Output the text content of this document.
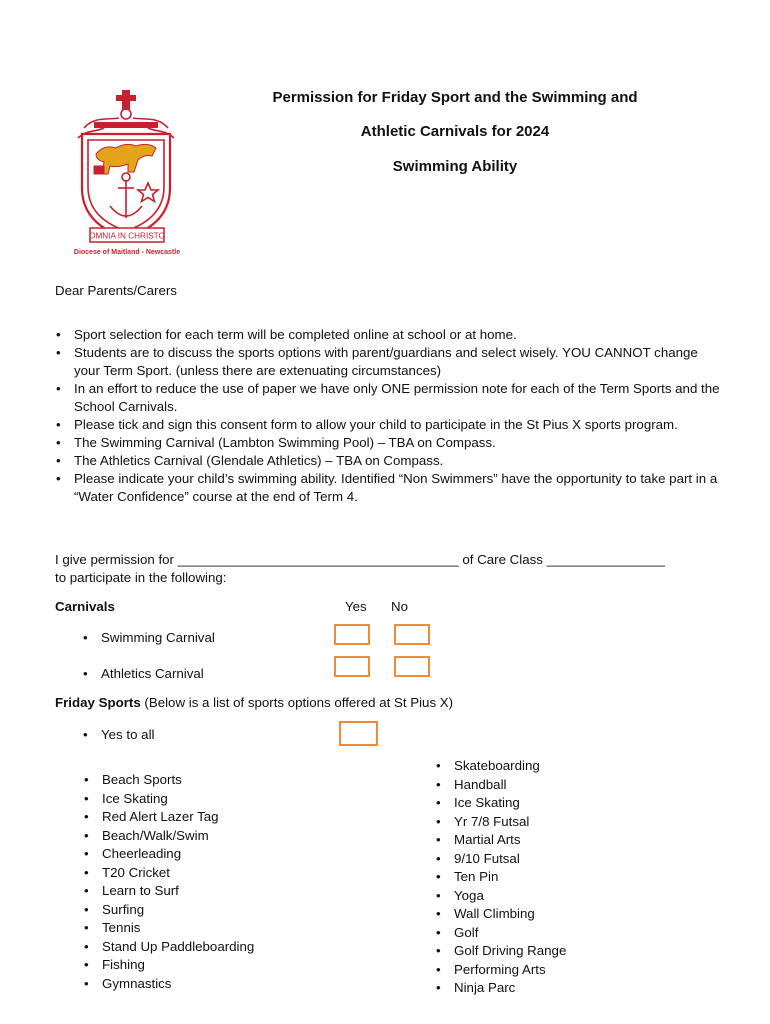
OMNIA IN CHRISTO
Diocese of Maitland - Newcastle
Permission for Friday Sport and the Swimming and
Athletic Carnivals for 2024
Swimming Ability
Dear Parents/Carers
• Sport selection for each term will be completed online at school or at home.
• Students are to discuss the sports options with parent/guardians and select wisely. YOU CANNOT change your Term Sport. (unless there are extenuating circumstances)
• In an effort to reduce the use of paper we have only ONE permission note for each of the Term Sports and the School Carnivals.
• Please tick and sign this consent form to allow your child to participate in the St Pius X sports program.
• The Swimming Carnival (Lambton Swimming Pool) – TBA on Compass.
• The Athletics Carnival (Glendale Athletics) – TBA on Compass.
• Please indicate your child’s swimming ability. Identified “Non Swimmers” have the opportunity to take part in a “Water Confidence” course at the end of Term 4.
I give permission for ______________________________________ of Care Class ________________
to participate in the following:
Carnivals	Yes No
• Swimming Carnival
• Athletics Carnival
Friday Sports (Below is a list of sports options offered at St Pius X)
• Yes to all
• Beach Sports
• Ice Skating
• Red Alert Lazer Tag
• Beach/Walk/Swim
• Cheerleading
• T20 Cricket
• Learn to Surf
• Surfing
• Tennis
• Stand Up Paddleboarding
• Fishing
• Gymnastics
• Skateboarding
• Handball
• Ice Skating
• Yr 7/8 Futsal
• Martial Arts
• 9/10 Futsal
• Ten Pin
• Yoga
• Wall Climbing
• Golf
• Golf Driving Range
• Performing Arts
• Ninja Parc
